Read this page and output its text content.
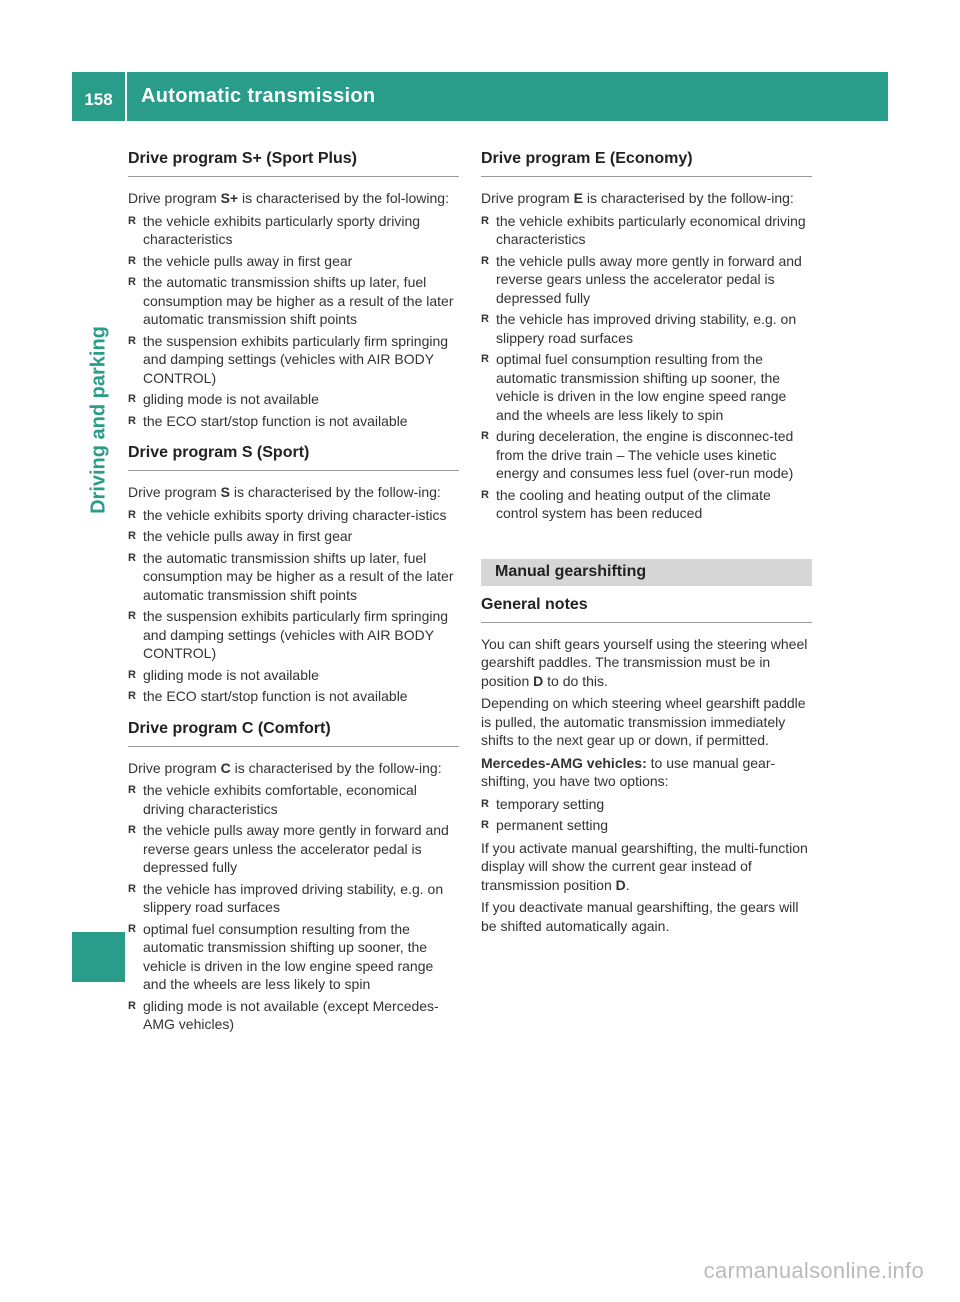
158	Automatic transmission
Driving and parking
Drive program S+ (Sport Plus)

Drive program S+ is characterised by the fol-lowing:

R the vehicle exhibits particularly sporty driving characteristics
R the vehicle pulls away in first gear
R the automatic transmission shifts up later, fuel consumption may be higher as a result of the later automatic transmission shift points
R the suspension exhibits particularly firm springing and damping settings (vehicles with AIR BODY CONTROL)
R gliding mode is not available
R the ECO start/stop function is not available
Drive program S (Sport)

Drive program S is characterised by the follow-ing:

R the vehicle exhibits sporty driving character-istics
R the vehicle pulls away in first gear
R the automatic transmission shifts up later, fuel consumption may be higher as a result of the later automatic transmission shift points
R the suspension exhibits particularly firm springing and damping settings (vehicles with AIR BODY CONTROL)
R gliding mode is not available
R the ECO start/stop function is not available
Drive program C (Comfort)

Drive program C is characterised by the follow-ing:

R the vehicle exhibits comfortable, economical driving characteristics
R the vehicle pulls away more gently in forward and reverse gears unless the accelerator pedal is depressed fully
R the vehicle has improved driving stability, e.g. on slippery road surfaces
R optimal fuel consumption resulting from the automatic transmission shifting up sooner, the vehicle is driven in the low engine speed range and the wheels are less likely to spin
R gliding mode is not available (except Mercedes-AMG vehicles)
Drive program E (Economy)

Drive program E is characterised by the follow-ing:

R the vehicle exhibits particularly economical driving characteristics
R the vehicle pulls away more gently in forward and reverse gears unless the accelerator pedal is depressed fully
R the vehicle has improved driving stability, e.g. on slippery road surfaces
R optimal fuel consumption resulting from the automatic transmission shifting up sooner, the vehicle is driven in the low engine speed range and the wheels are less likely to spin
R during deceleration, the engine is disconnec-ted from the drive train – The vehicle uses kinetic energy and consumes less fuel (over-run mode)
R the cooling and heating output of the climate control system has been reduced
Manual gearshifting
General notes

You can shift gears yourself using the steering wheel gearshift paddles. The transmission must be in position D to do this.

Depending on which steering wheel gearshift paddle is pulled, the automatic transmission immediately shifts to the next gear up or down, if permitted.

Mercedes-AMG vehicles: to use manual gear-shifting, you have two options:

R temporary setting
R permanent setting

If you activate manual gearshifting, the multi-function display will show the current gear instead of transmission position D.

If you deactivate manual gearshifting, the gears will be shifted automatically again.

carmanualsonline.info
